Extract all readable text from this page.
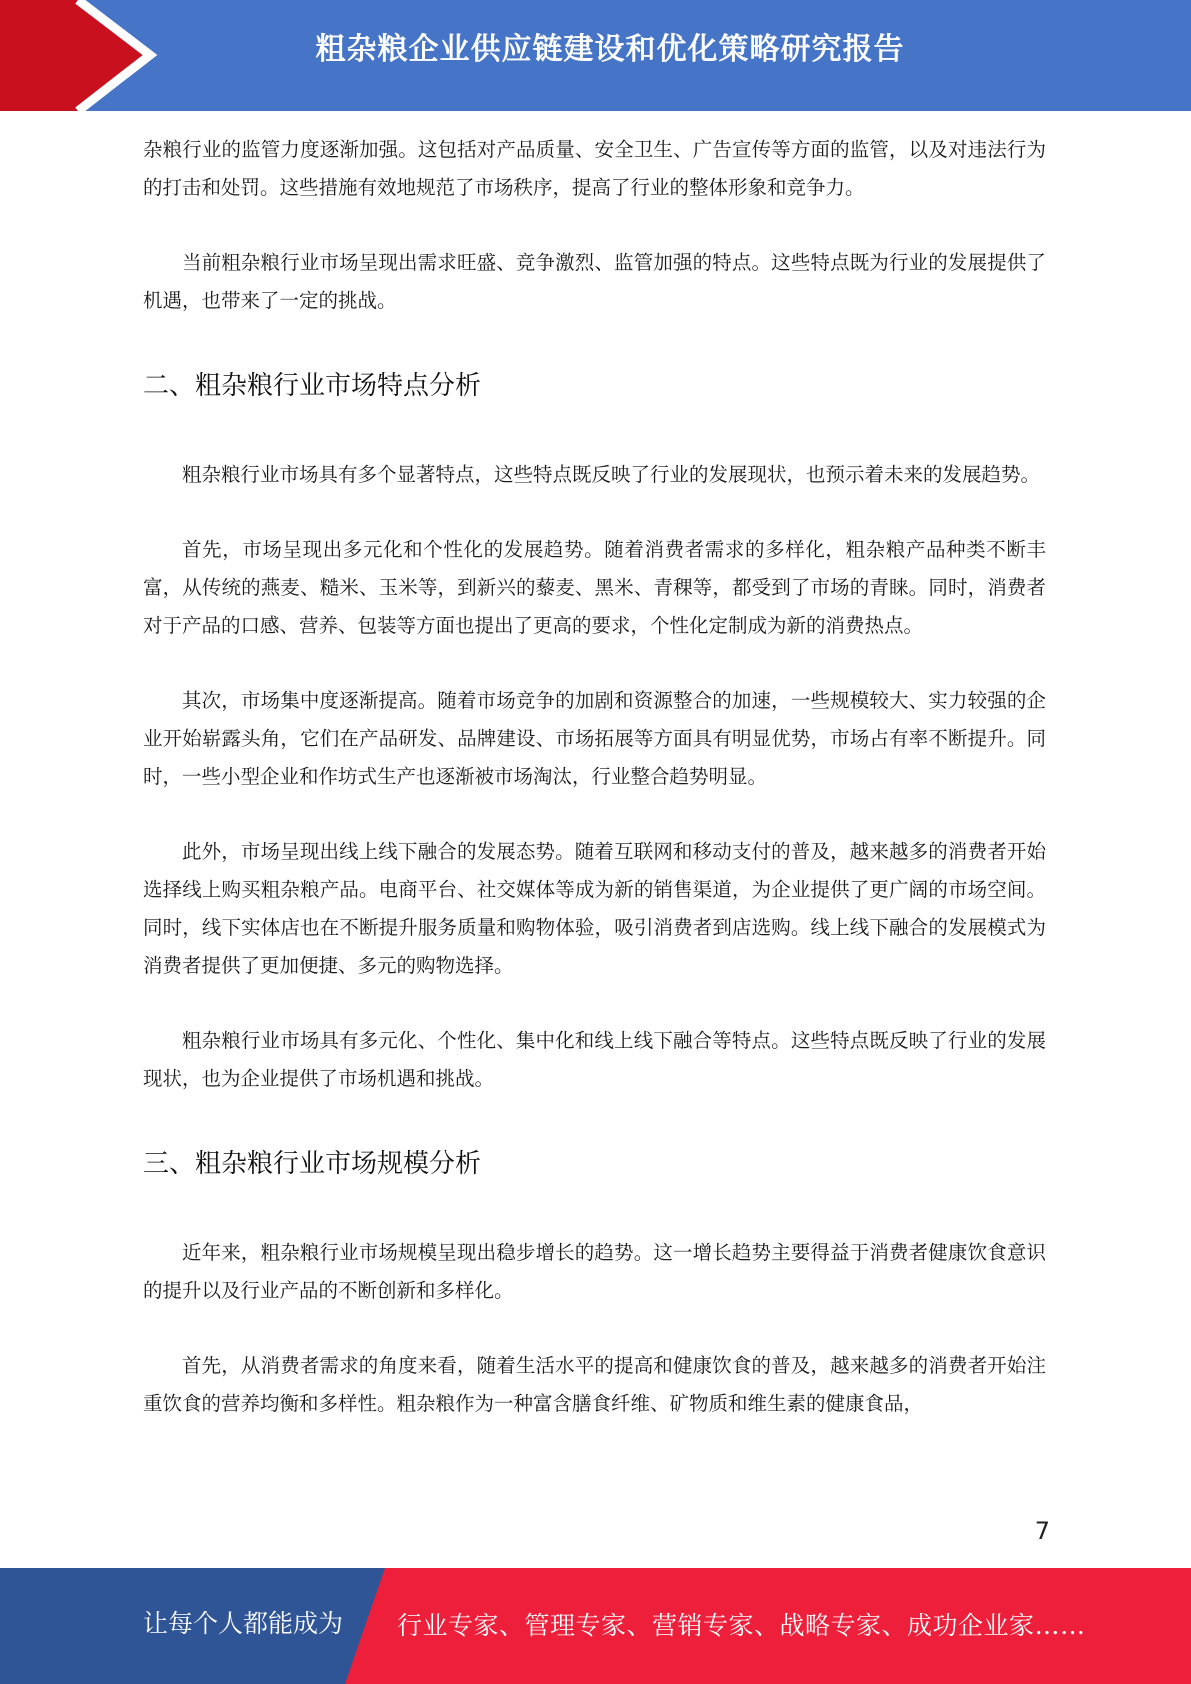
粗杂粮企业供应链建设和优化策略研究报告

杂粮行业的监管力度逐渐加强。这包括对产品质量、安全卫生、广告宣传等方面的监管，以及对违法行为的打击和处罚。这些措施有效地规范了市场秩序，提高了行业的整体形象和竞争力。

当前粗杂粮行业市场呈现出需求旺盛、竞争激烈、监管加强的特点。这些特点既为行业的发展提供了机遇，也带来了一定的挑战。

二、粗杂粮行业市场特点分析

粗杂粮行业市场具有多个显著特点，这些特点既反映了行业的发展现状，也预示着未来的发展趋势。

首先，市场呈现出多元化和个性化的发展趋势。随着消费者需求的多样化，粗杂粮产品种类不断丰富，从传统的燕麦、糙米、玉米等，到新兴的藜麦、黑米、青稞等，都受到了市场的青睐。同时，消费者对于产品的口感、营养、包装等方面也提出了更高的要求，个性化定制成为新的消费热点。

其次，市场集中度逐渐提高。随着市场竞争的加剧和资源整合的加速，一些规模较大、实力较强的企业开始崭露头角，它们在产品研发、品牌建设、市场拓展等方面具有明显优势，市场占有率不断提升。同时，一些小型企业和作坊式生产也逐渐被市场淘汰，行业整合趋势明显。

此外，市场呈现出线上线下融合的发展态势。随着互联网和移动支付的普及，越来越多的消费者开始选择线上购买粗杂粮产品。电商平台、社交媒体等成为新的销售渠道，为企业提供了更广阔的市场空间。同时，线下实体店也在不断提升服务质量和购物体验，吸引消费者到店选购。线上线下融合的发展模式为消费者提供了更加便捷、多元的购物选择。

粗杂粮行业市场具有多元化、个性化、集中化和线上线下融合等特点。这些特点既反映了行业的发展现状，也为企业提供了市场机遇和挑战。

三、粗杂粮行业市场规模分析

近年来，粗杂粮行业市场规模呈现出稳步增长的趋势。这一增长趋势主要得益于消费者健康饮食意识的提升以及行业产品的不断创新和多样化。

首先，从消费者需求的角度来看，随着生活水平的提高和健康饮食的普及，越来越多的消费者开始注重饮食的营养均衡和多样性。粗杂粮作为一种富含膳食纤维、矿物质和维生素的健康食品，

7
让每个人都能成为 行业专家、管理专家、营销专家、战略专家、成功企业家……
